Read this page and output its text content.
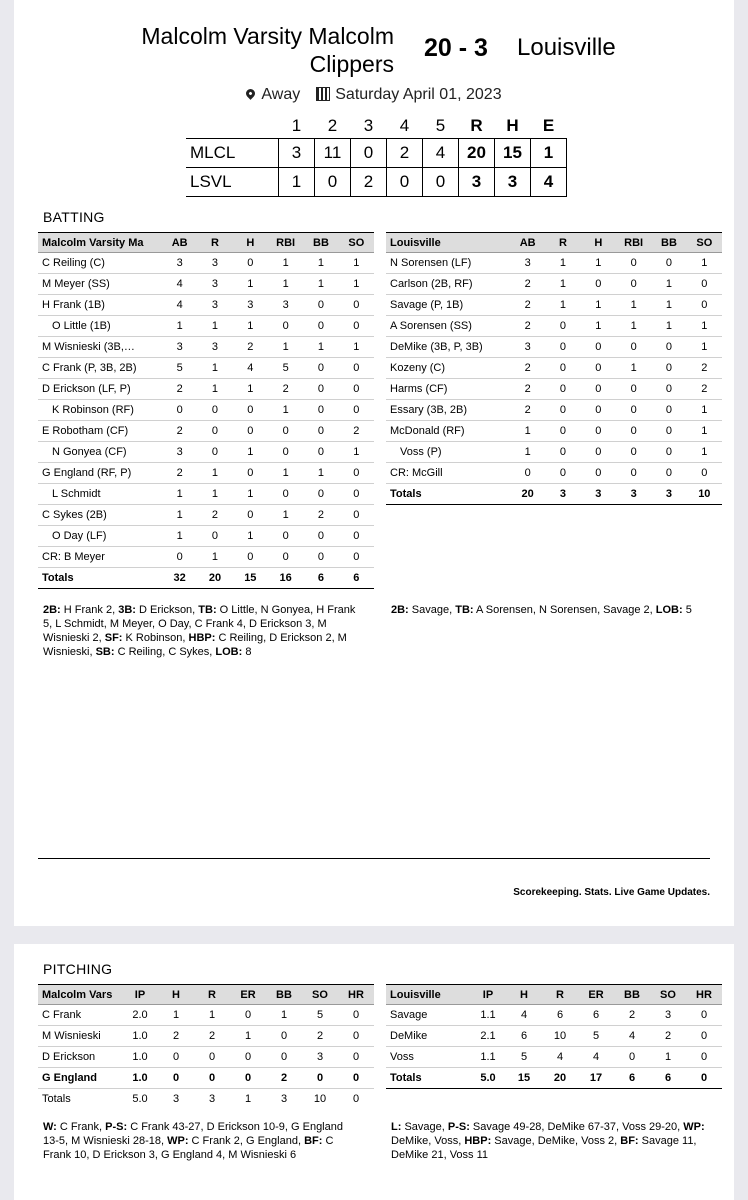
Malcolm Varsity Malcolm Clippers
20 - 3 Louisville
Away Saturday April 01, 2023
	1	2	3	4	5	R	H	E
MLCL	3	11	0	2	4	20	15	1
LSVL	1	0	2	0	0	3	3	4
BATTING
Malcolm Varsity Ma	AB	R	H	RBI	BB	SO
C Reiling (C)	3	3	0	1	1	1
M Meyer (SS)	4	3	1	1	1	1
H Frank (1B)	4	3	3	3	0	0
O Little (1B)	1	1	1	0	0	0
M Wisnieski (3B,…	3	3	2	1	1	1
C Frank (P, 3B, 2B)	5	1	4	5	0	0
D Erickson (LF, P)	2	1	1	2	0	0
K Robinson (RF)	0	0	0	1	0	0
E Robotham (CF)	2	0	0	0	0	2
N Gonyea (CF)	3	0	1	0	0	1
G England (RF, P)	2	1	0	1	1	0
L Schmidt	1	1	1	0	0	0
C Sykes (2B)	1	2	0	1	2	0
O Day (LF)	1	0	1	0	0	0
CR: B Meyer	0	1	0	0	0	0
Totals	32	20	15	16	6	6
Louisville	AB	R	H	RBI	BB	SO
N Sorensen (LF)	3	1	1	0	0	1
Carlson (2B, RF)	2	1	0	0	1	0
Savage (P, 1B)	2	1	1	1	1	0
A Sorensen (SS)	2	0	1	1	1	1
DeMike (3B, P, 3B)	3	0	0	0	0	1
Kozeny (C)	2	0	0	1	0	2
Harms (CF)	2	0	0	0	0	2
Essary (3B, 2B)	2	0	0	0	0	1
McDonald (RF)	1	0	0	0	0	1
Voss (P)	1	0	0	0	0	1
CR: McGill	0	0	0	0	0	0
Totals	20	3	3	3	3	10
2B: H Frank 2, 3B: D Erickson, TB: O Little, N Gonyea, H Frank 5, L Schmidt, M Meyer, O Day, C Frank 4, D Erickson 3, M Wisnieski 2, SF: K Robinson, HBP: C Reiling, D Erickson 2, M Wisnieski, SB: C Reiling, C Sykes, LOB: 8
2B: Savage, TB: A Sorensen, N Sorensen, Savage 2, LOB: 5
Scorekeeping. Stats. Live Game Updates.
PITCHING
Malcolm Vars	IP	H	R	ER	BB	SO	HR
C Frank	2.0	1	1	0	1	5	0
M Wisnieski	1.0	2	2	1	0	2	0
D Erickson	1.0	0	0	0	0	3	0
G England	1.0	0	0	0	2	0	0
Totals	5.0	3	3	1	3	10	0
Louisville	IP	H	R	ER	BB	SO	HR
Savage	1.1	4	6	6	2	3	0
DeMike	2.1	6	10	5	4	2	0
Voss	1.1	5	4	4	0	1	0
Totals	5.0	15	20	17	6	6	0
W: C Frank, P-S: C Frank 43-27, D Erickson 10-9, G England 13-5, M Wisnieski 28-18, WP: C Frank 2, G England, BF: C Frank 10, D Erickson 3, G England 4, M Wisnieski 6
L: Savage, P-S: Savage 49-28, DeMike 67-37, Voss 29-20, WP: DeMike, Voss, HBP: Savage, DeMike, Voss 2, BF: Savage 11, DeMike 21, Voss 11
